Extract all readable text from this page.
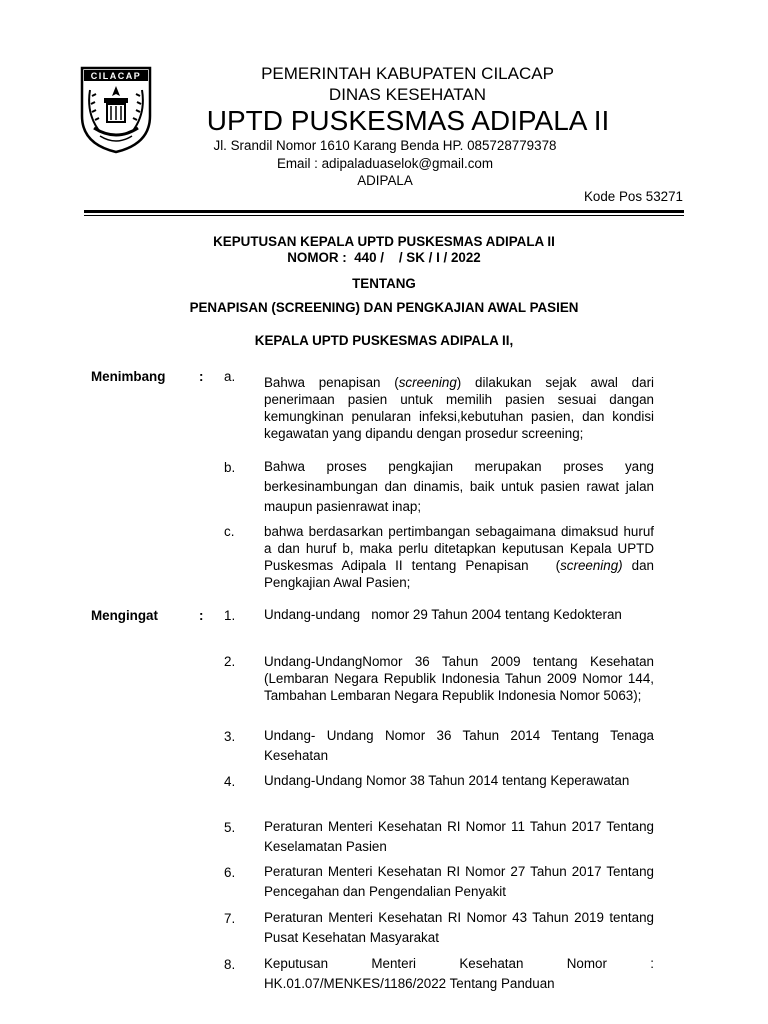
CILACAP	PEMERINTAH KABUPATEN CILACAP
DINAS KESEHATAN
UPTD PUSKESMAS ADIPALA II
Jl. Srandil Nomor 1610 Karang Benda HP. 085728779378
Email : adipaladuaselok@gmail.com
ADIPALA
Kode Pos 53271
KEPUTUSAN KEPALA UPTD PUSKESMAS ADIPALA II
NOMOR :  440 /    / SK / I / 2022
TENTANG
PENAPISAN (SCREENING) DAN PENGKAJIAN AWAL PASIEN
KEPALA UPTD PUSKESMAS ADIPALA II,
Menimbang	: a. Bahwa penapisan (screening) dilakukan sejak awal dari penerimaan pasien untuk memilih pasien sesuai dangan kemungkinan penularan infeksi,kebutuhan pasien, dan kondisi kegawatan yang dipandu dengan prosedur screening;
b. Bahwa proses pengkajian merupakan proses yang berkesinambungan dan dinamis, baik untuk pasien rawat jalan maupun pasienrawat inap;
c. bahwa berdasarkan pertimbangan sebagaimana dimaksud huruf a dan huruf b, maka perlu ditetapkan keputusan Kepala UPTD Puskesmas Adipala II tentang Penapisan   (screening) dan Pengkajian Awal Pasien;
Mengingat	: 1. Undang-undang   nomor 29 Tahun 2004 tentang Kedokteran
2. Undang-UndangNomor 36 Tahun 2009 tentang Kesehatan (Lembaran Negara Republik Indonesia Tahun 2009 Nomor 144, Tambahan Lembaran Negara Republik Indonesia Nomor 5063);
3. Undang- Undang Nomor 36 Tahun 2014 Tentang Tenaga Kesehatan
4. Undang-Undang Nomor 38 Tahun 2014 tentang Keperawatan
5. Peraturan Menteri Kesehatan RI Nomor 11 Tahun 2017 Tentang Keselamatan Pasien
6. Peraturan Menteri Kesehatan RI Nomor 27 Tahun 2017 Tentang Pencegahan dan Pengendalian Penyakit
7. Peraturan Menteri Kesehatan RI Nomor 43 Tahun 2019 tentang Pusat Kesehatan Masyarakat
8. Keputusan Menteri Kesehatan Nomor : HK.01.07/MENKES/1186/2022 Tentang Panduan
